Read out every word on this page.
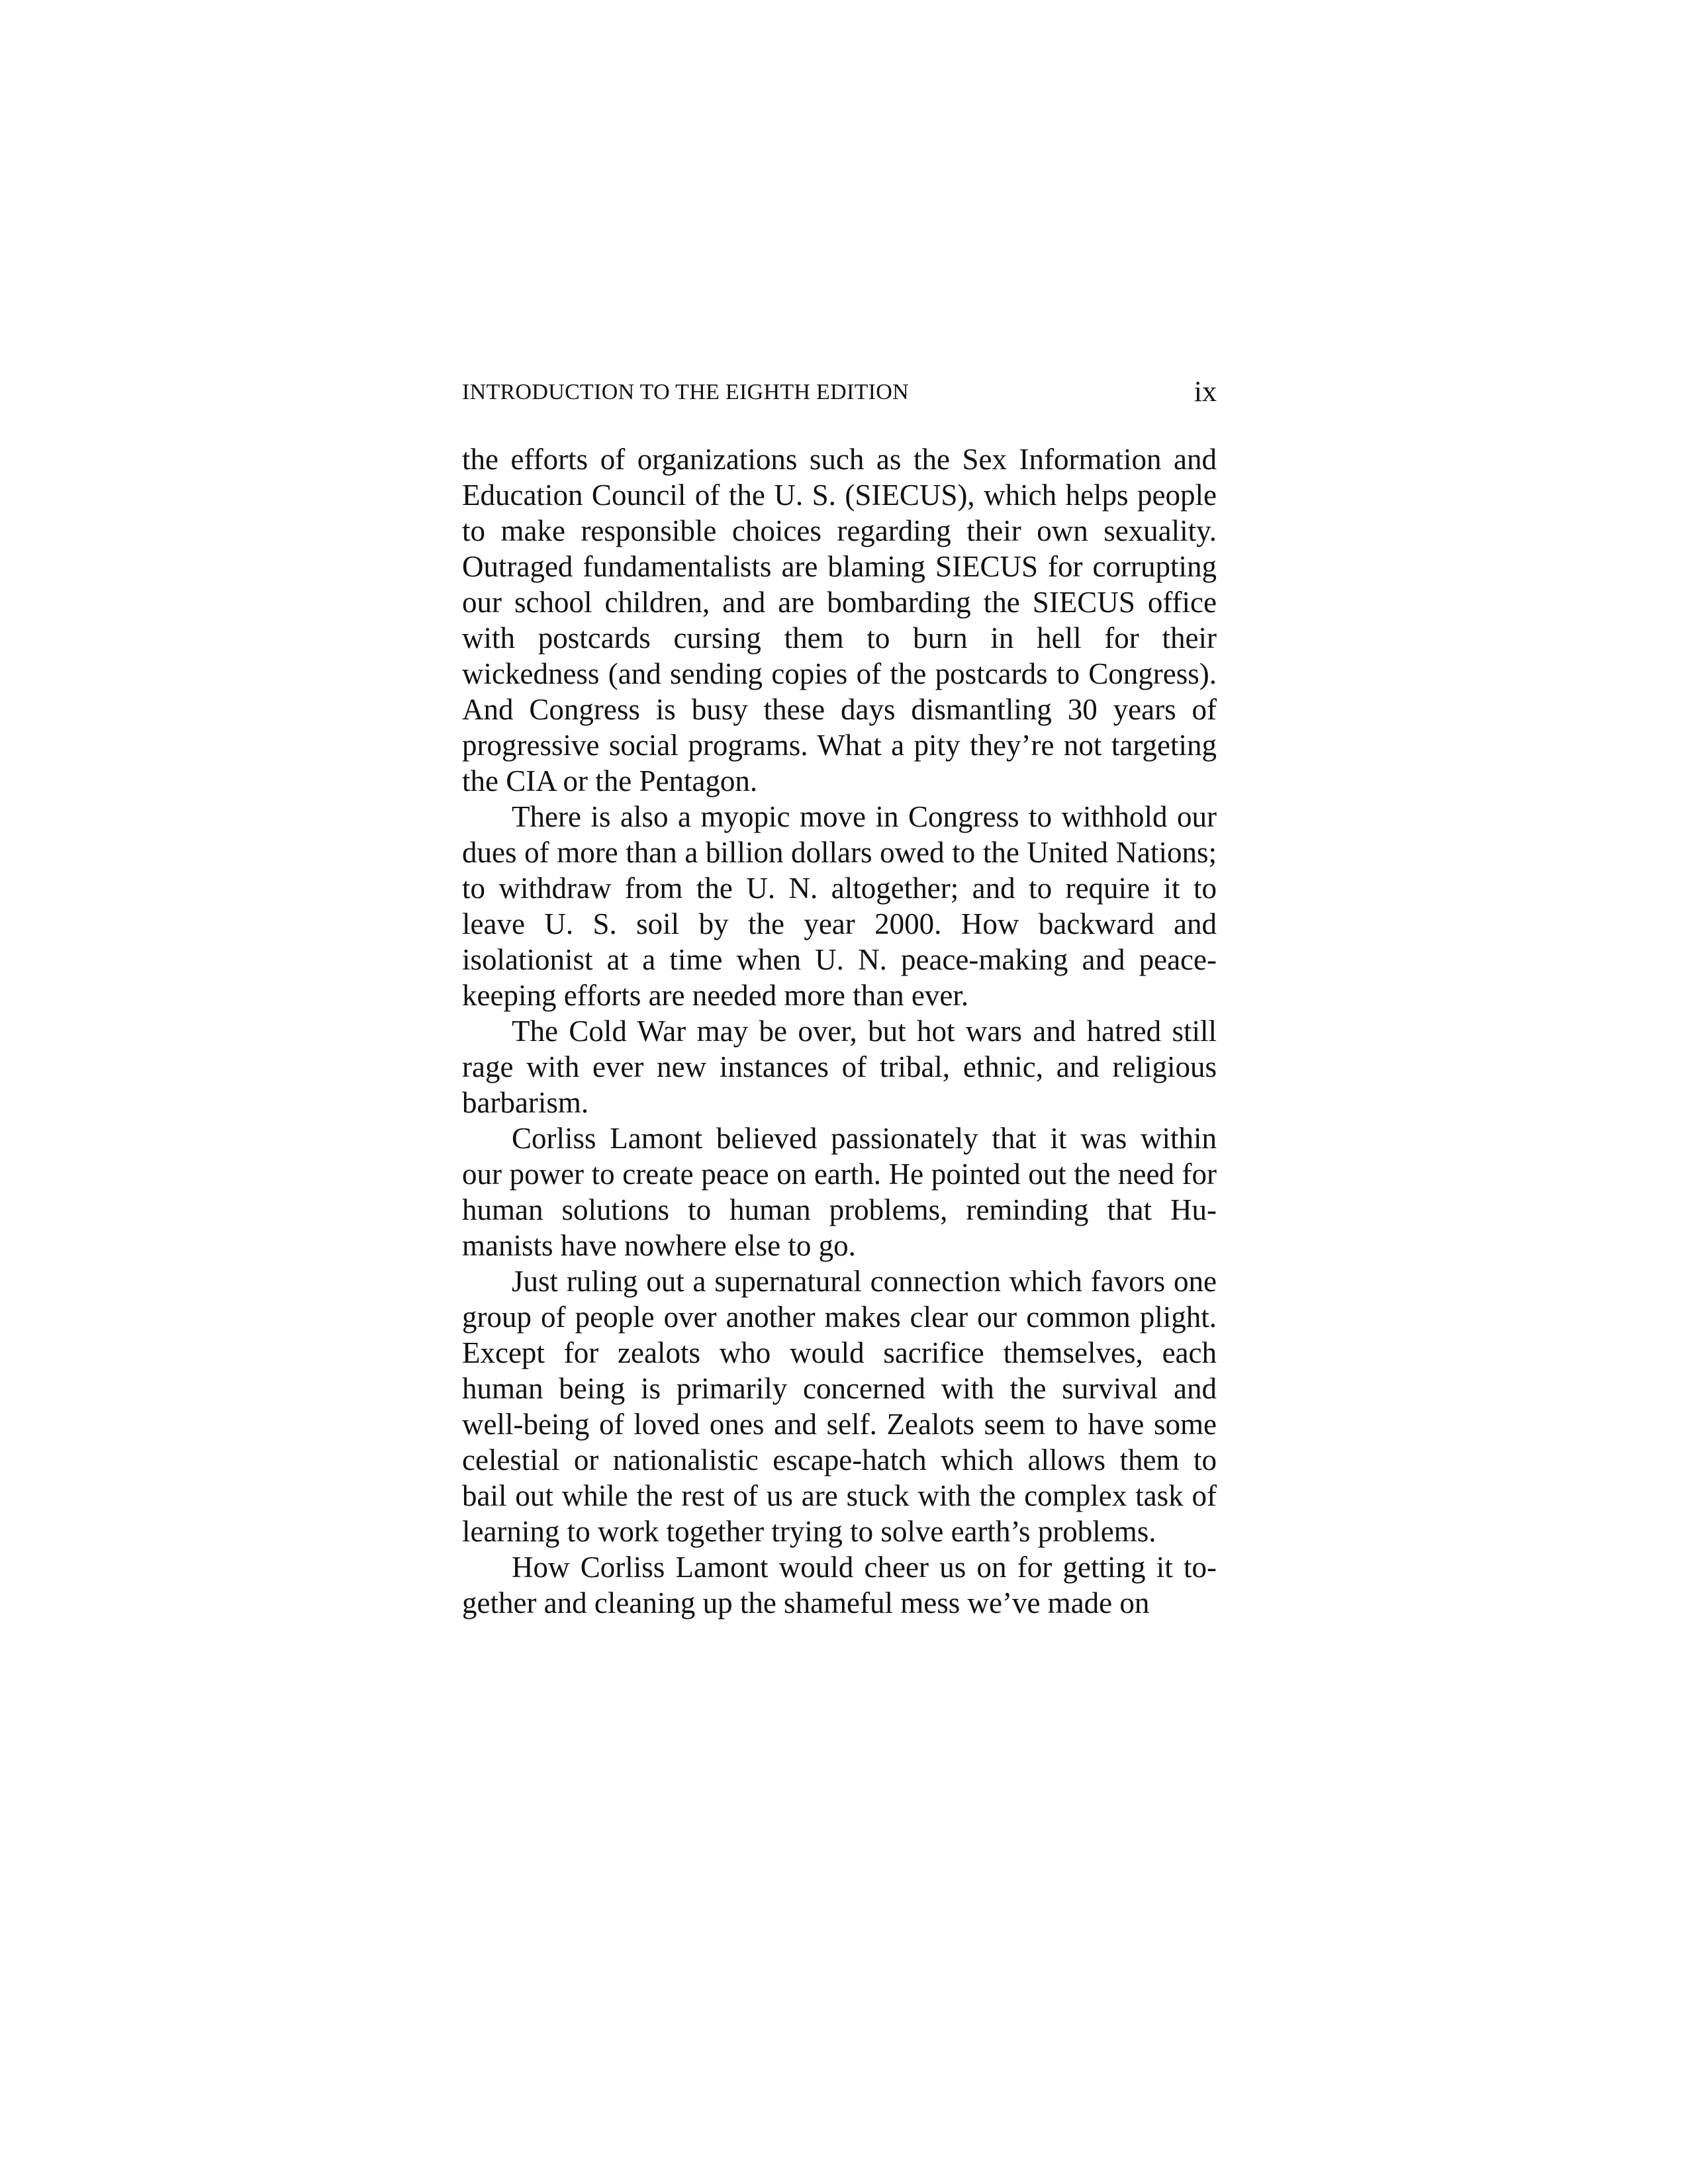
INTRODUCTION TO THE EIGHTH EDITION	ix

the efforts of organizations such as the Sex Information and Education Council of the U. S. (SIECUS), which helps people to make responsible choices regarding their own sexuality. Outraged fundamentalists are blaming SIECUS for corrupting our school children, and are bombarding the SIECUS office with postcards cursing them to burn in hell for their wickedness (and sending copies of the postcards to Congress). And Congress is busy these days dismantling 30 years of progressive social programs. What a pity they’re not targeting the CIA or the Pentagon.

There is also a myopic move in Congress to withhold our dues of more than a billion dollars owed to the United Nations; to withdraw from the U. N. altogether; and to require it to leave U. S. soil by the year 2000. How backward and isolationist at a time when U. N. peace-making and peace-keeping efforts are needed more than ever.

The Cold War may be over, but hot wars and hatred still rage with ever new instances of tribal, ethnic, and religious barbarism.

Corliss Lamont believed passionately that it was within our power to create peace on earth. He pointed out the need for human solutions to human problems, reminding that Humanists have nowhere else to go.

Just ruling out a supernatural connection which favors one group of people over another makes clear our common plight. Except for zealots who would sacrifice themselves, each human being is primarily concerned with the survival and well-being of loved ones and self. Zealots seem to have some celestial or nationalistic escape-hatch which allows them to bail out while the rest of us are stuck with the complex task of learning to work together trying to solve earth’s problems.

How Corliss Lamont would cheer us on for getting it together and cleaning up the shameful mess we’ve made on
